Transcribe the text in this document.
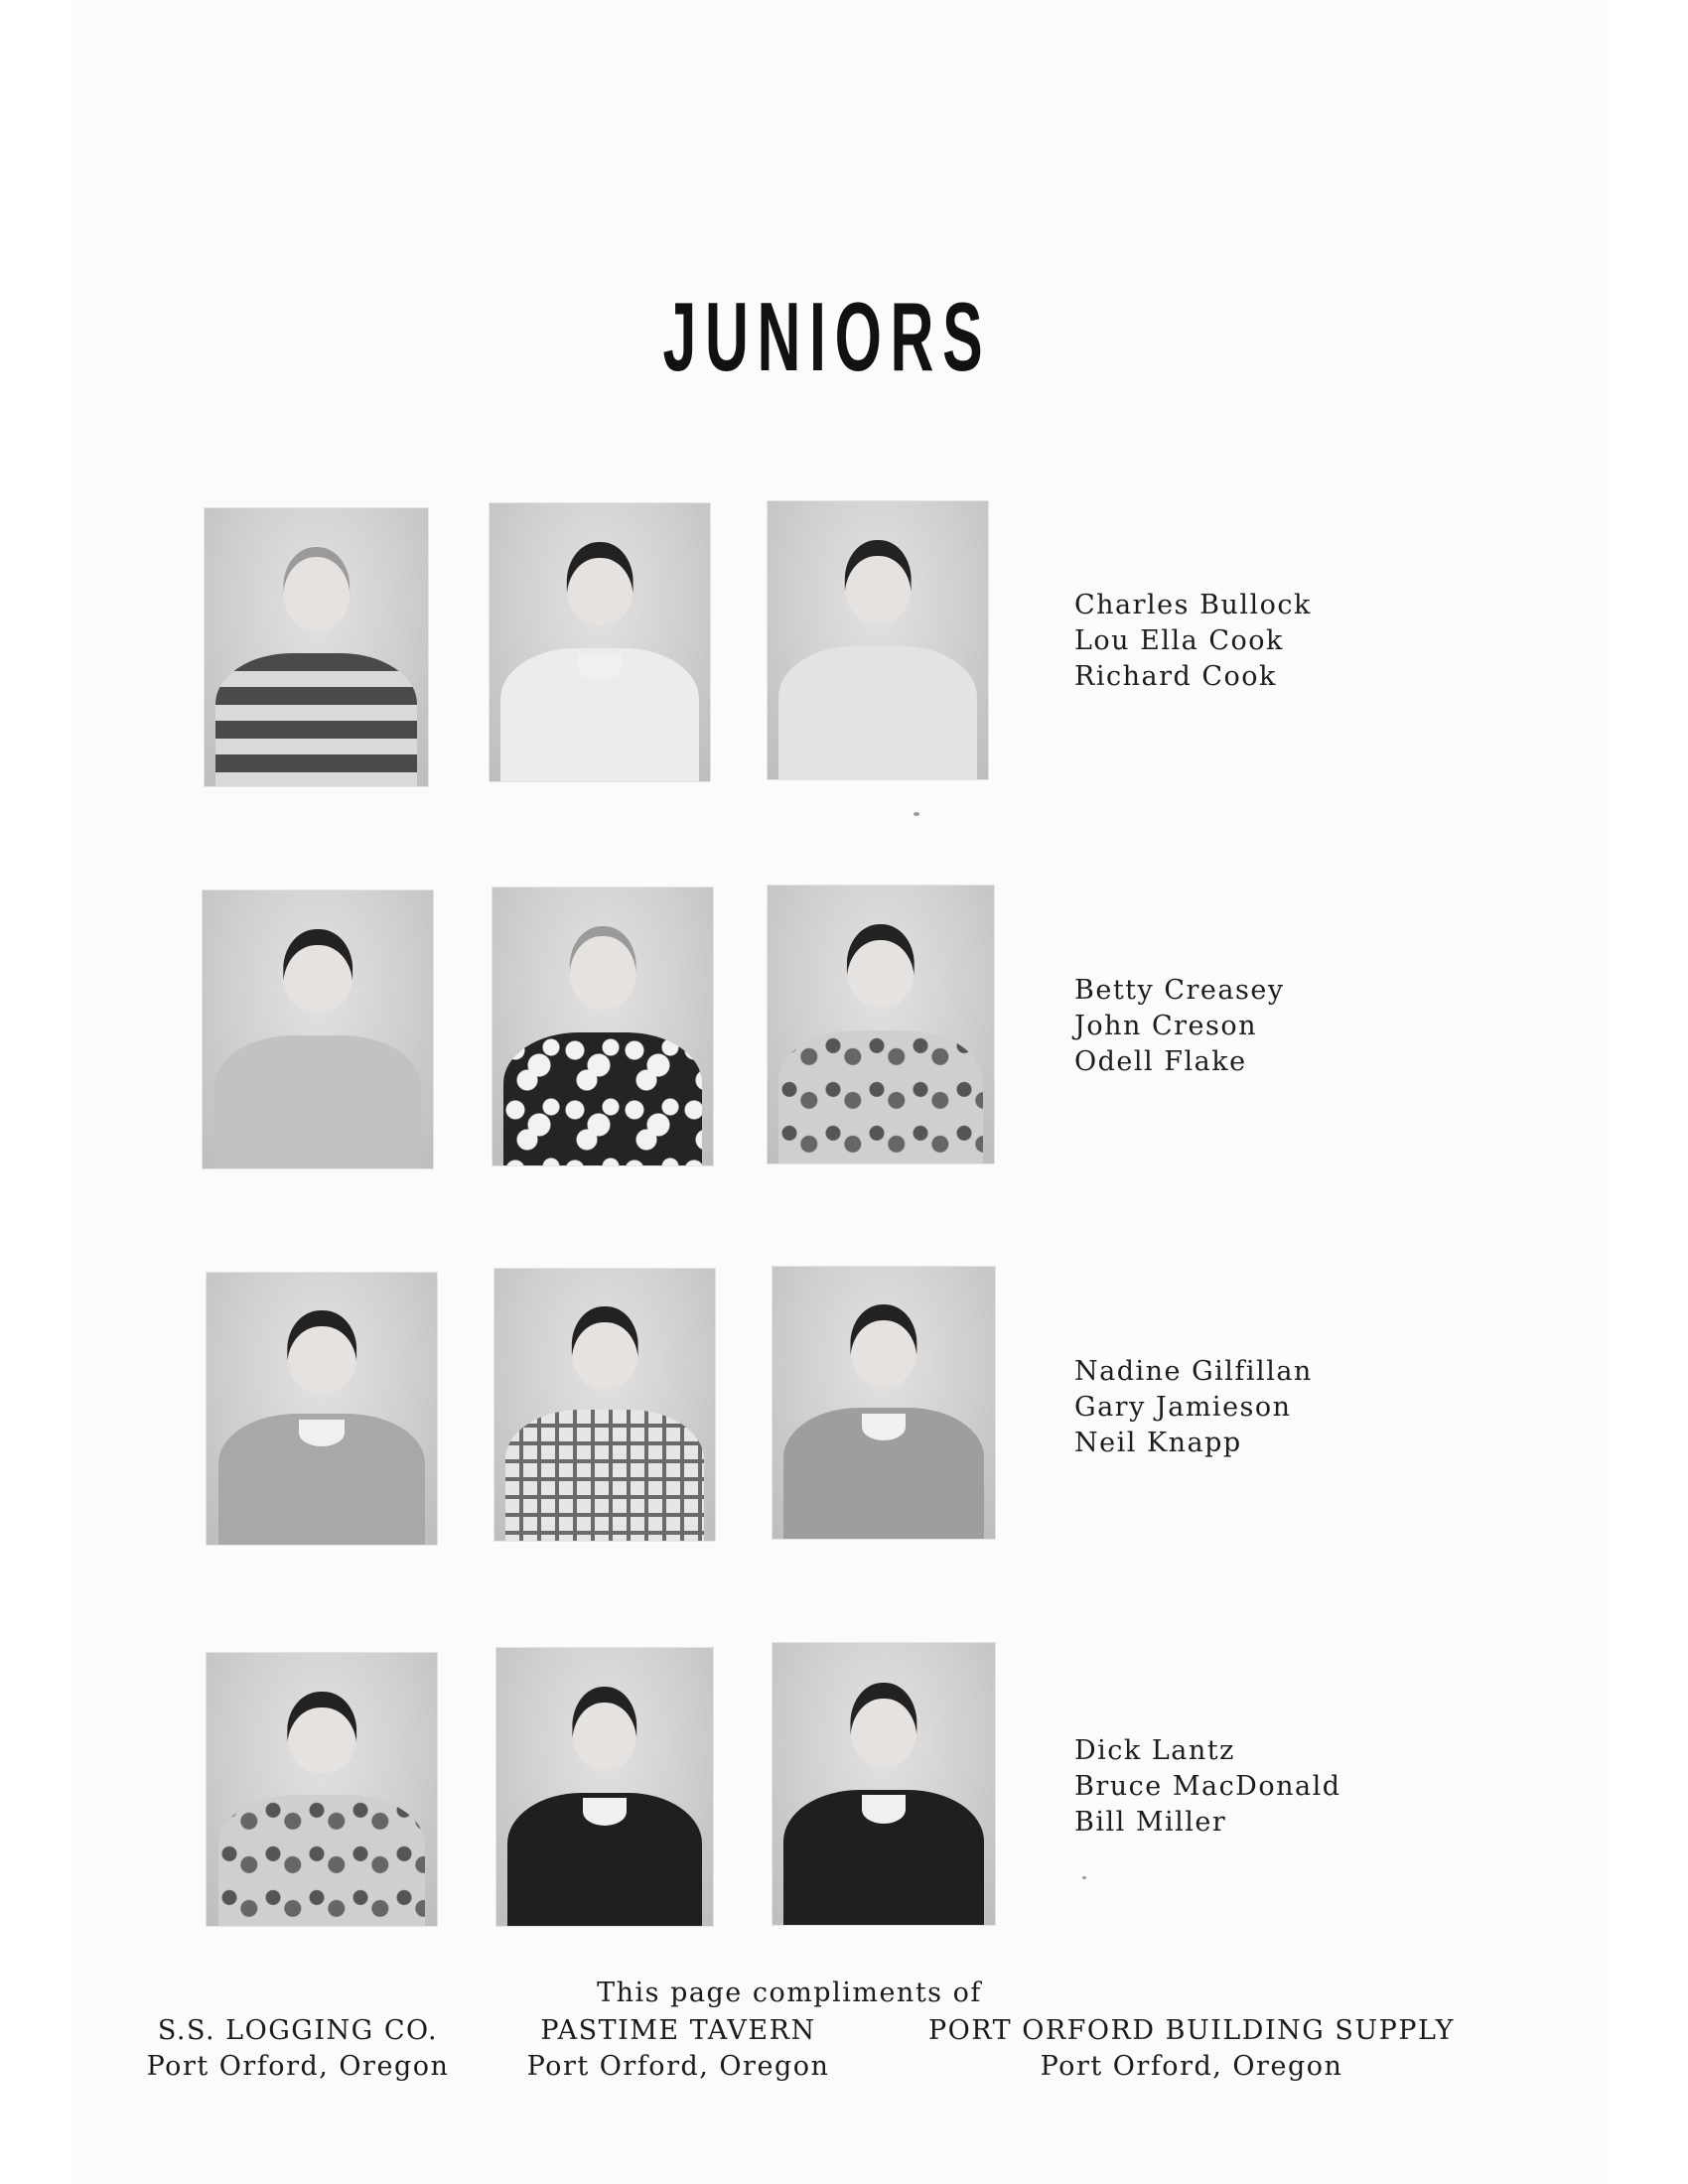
JUNIORS
Charles Bullock
Lou Ella Cook
Richard Cook
Betty Creasey
John Creson
Odell Flake
Nadine Gilfillan
Gary Jamieson
Neil Knapp
Dick Lantz
Bruce MacDonald
Bill Miller
This page compliments of
S.S. LOGGING CO.
Port Orford, Oregon
PASTIME TAVERN
Port Orford, Oregon
PORT ORFORD BUILDING SUPPLY
Port Orford, Oregon
